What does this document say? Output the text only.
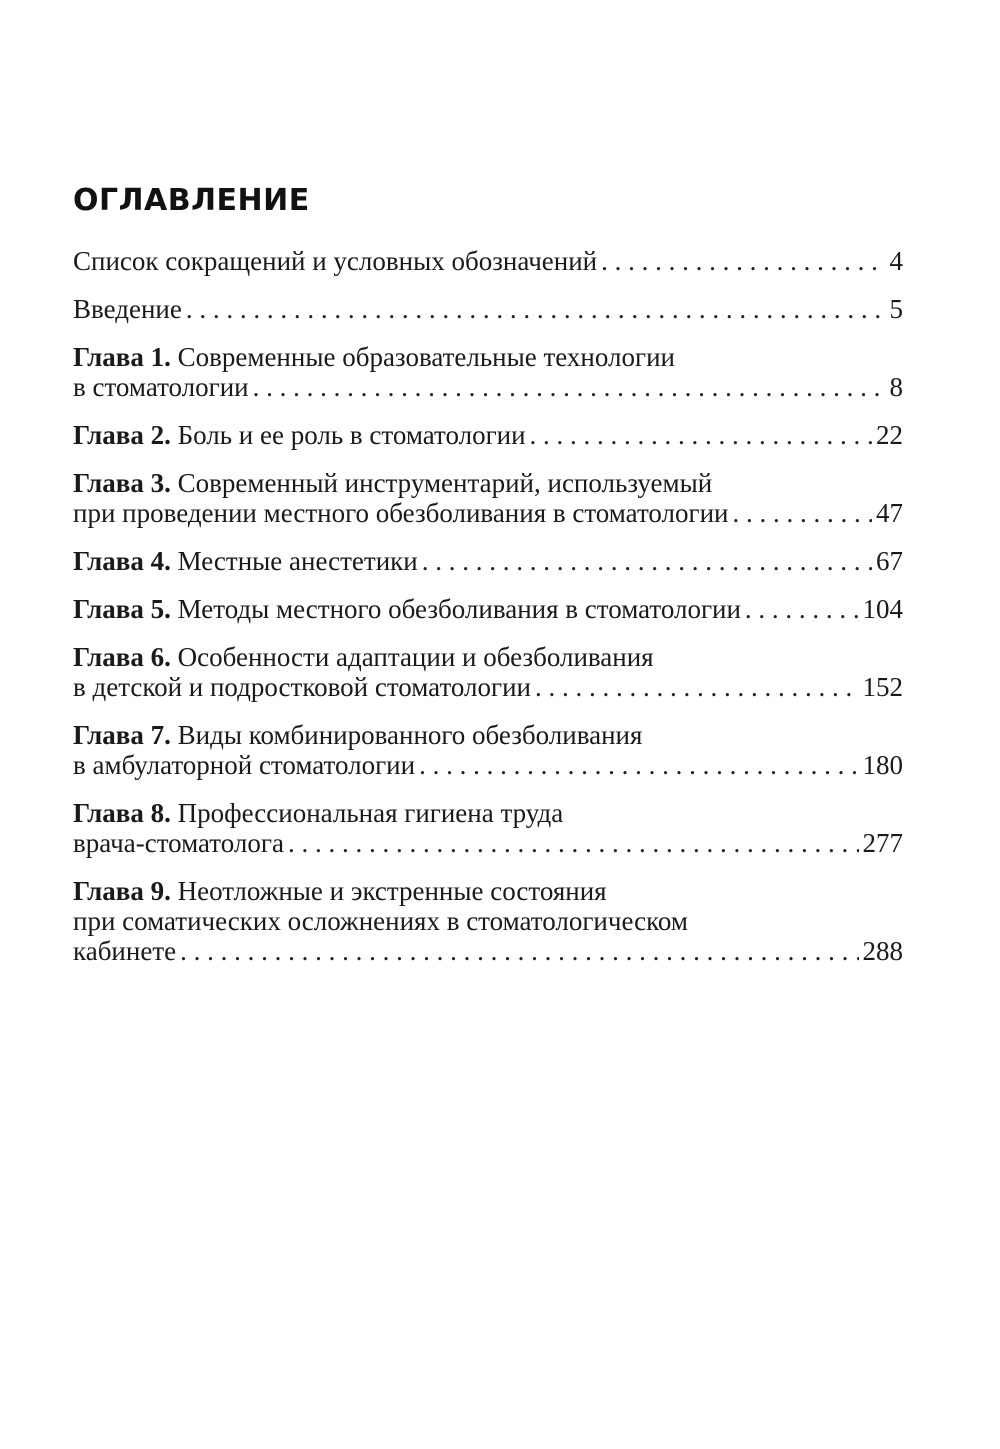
ОГЛАВЛЕНИЕ
Список сокращений и условных обозначений . . .	4
Введение . . .	5
Глава 1. Современные образовательные технологии
в стоматологии . . .	8
Глава 2. Боль и ее роль в стоматологии . . .	22
Глава 3. Современный инструментарий, используемый
при проведении местного обезболивания в стоматологии . . .	47
Глава 4. Местные анестетики . . .	67
Глава 5. Методы местного обезболивания в стоматологии . . .	104
Глава 6. Особенности адаптации и обезболивания
в детской и подростковой стоматологии . . .	152
Глава 7. Виды комбинированного обезболивания
в амбулаторной стоматологии . . .	180
Глава 8. Профессиональная гигиена труда
врача-стоматолога . . .	277
Глава 9. Неотложные и экстренные состояния
при соматических осложнениях в стоматологическом
кабинете . . .	288
